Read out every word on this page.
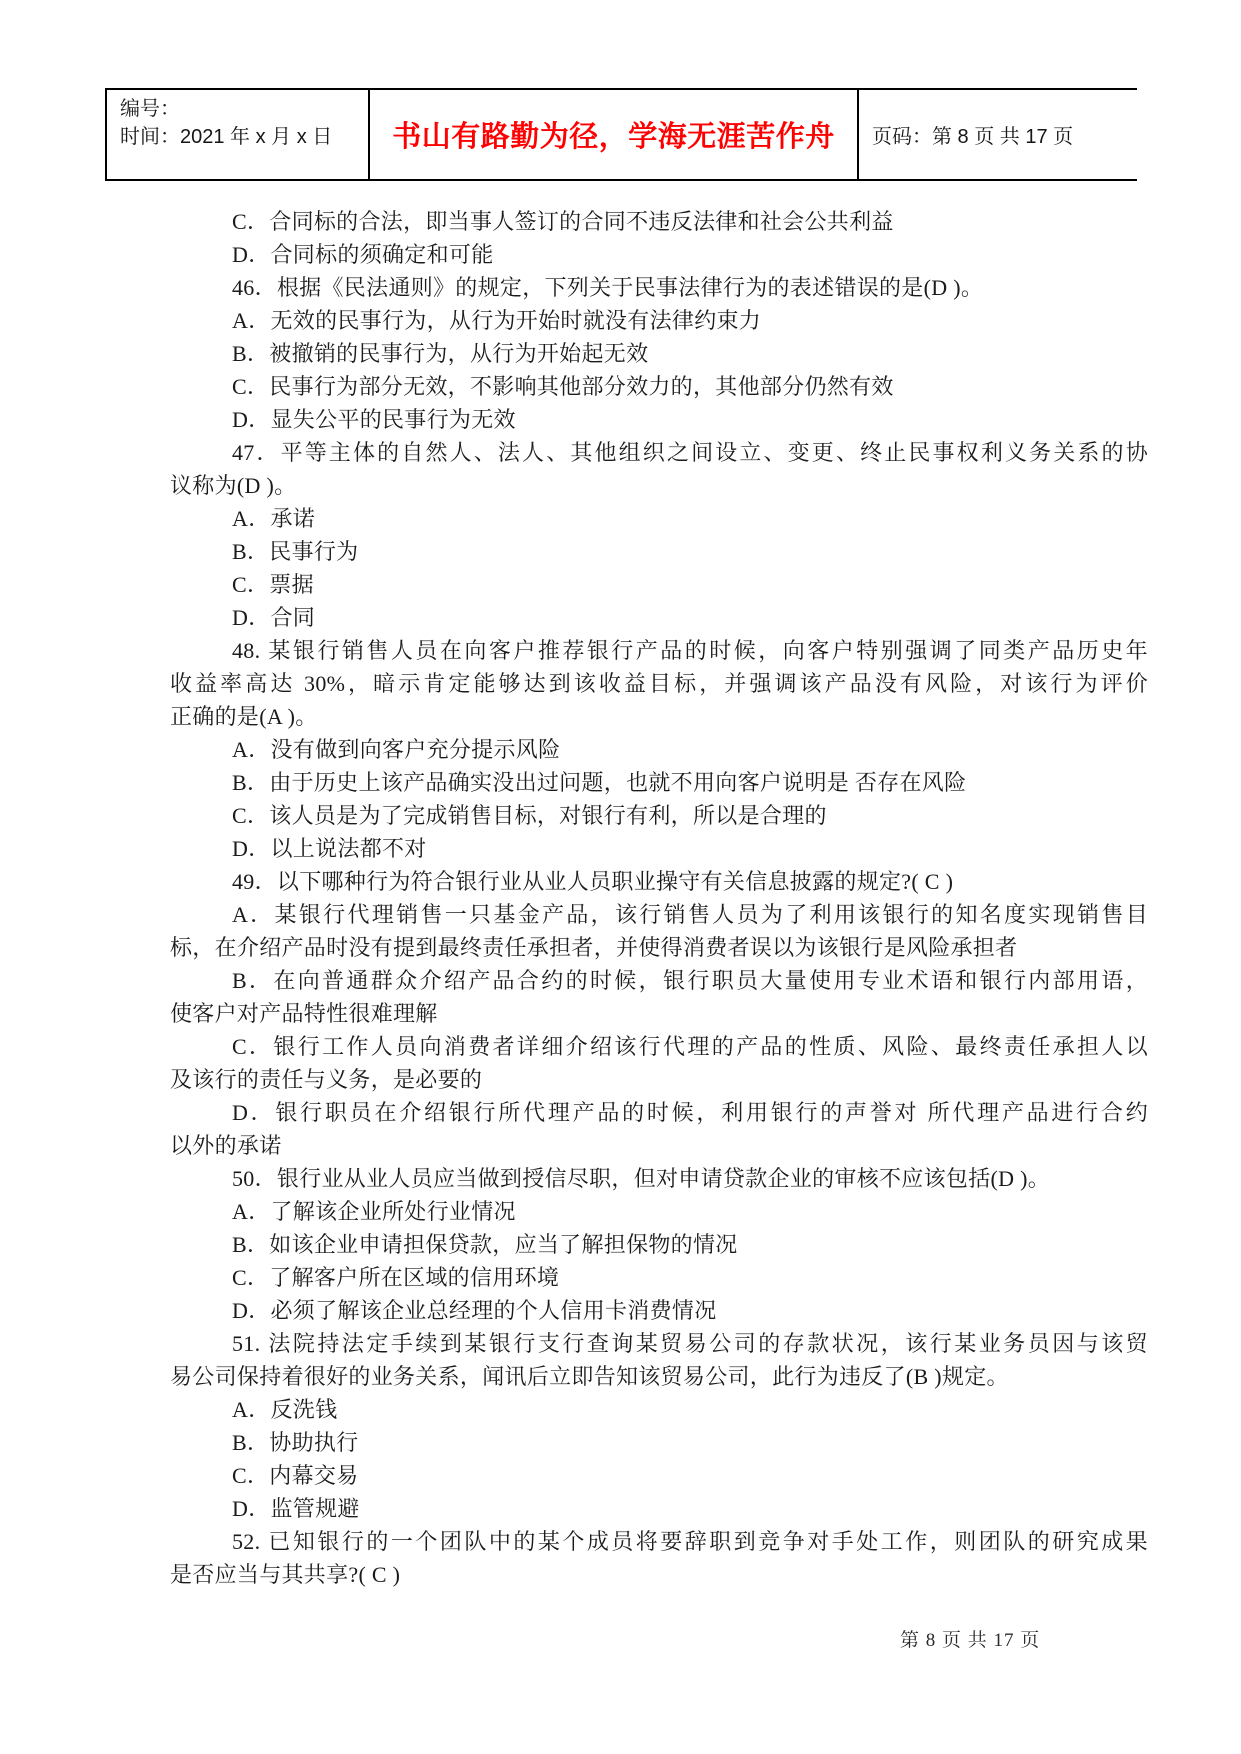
编号：
时间：2021 年 x 月 x 日	书山有路勤为径，学海无涯苦作舟 页码：第 8 页 共 17 页
C．合同标的合法，即当事人签订的合同不违反法律和社会公共利益
D．合同标的须确定和可能
46．根据《民法通则》的规定，下列关于民事法律行为的表述错误的是(D )。
A．无效的民事行为，从行为开始时就没有法律约束力
B．被撤销的民事行为，从行为开始起无效
C．民事行为部分无效，不影响其他部分效力的，其他部分仍然有效
D．显失公平的民事行为无效
47．平等主体的自然人、法人、其他组织之间设立、变更、终止民事权利义务关系的协
议称为(D )。
A．承诺
B．民事行为
C．票据
D．合同
48. 某银行销售人员在向客户推荐银行产品的时候，向客户特别强调了同类产品历史年
收益率高达 30%，暗示肯定能够达到该收益目标，并强调该产品没有风险，对该行为评价
正确的是(A )。
A．没有做到向客户充分提示风险
B．由于历史上该产品确实没出过问题，也就不用向客户说明是 否存在风险
C．该人员是为了完成销售目标，对银行有利，所以是合理的
D．以上说法都不对
49．以下哪种行为符合银行业从业人员职业操守有关信息披露的规定?( C )
A．某银行代理销售一只基金产品，该行销售人员为了利用该银行的知名度实现销售目
标，在介绍产品时没有提到最终责任承担者，并使得消费者误以为该银行是风险承担者
B．在向普通群众介绍产品合约的时候，银行职员大量使用专业术语和银行内部用语，
使客户对产品特性很难理解
C．银行工作人员向消费者详细介绍该行代理的产品的性质、风险、最终责任承担人以
及该行的责任与义务，是必要的
D．银行职员在介绍银行所代理产品的时候，利用银行的声誉对 所代理产品进行合约
以外的承诺
50．银行业从业人员应当做到授信尽职，但对申请贷款企业的审核不应该包括(D )。
A．了解该企业所处行业情况
B．如该企业申请担保贷款，应当了解担保物的情况
C．了解客户所在区域的信用环境
D．必须了解该企业总经理的个人信用卡消费情况
51. 法院持法定手续到某银行支行查询某贸易公司的存款状况，该行某业务员因与该贸
易公司保持着很好的业务关系，闻讯后立即告知该贸易公司，此行为违反了(B )规定。
A．反洗钱
B．协助执行
C．内幕交易
D．监管规避
52. 已知银行的一个团队中的某个成员将要辞职到竞争对手处工作，则团队的研究成果
是否应当与其共享?( C )
第 8 页 共 17 页
